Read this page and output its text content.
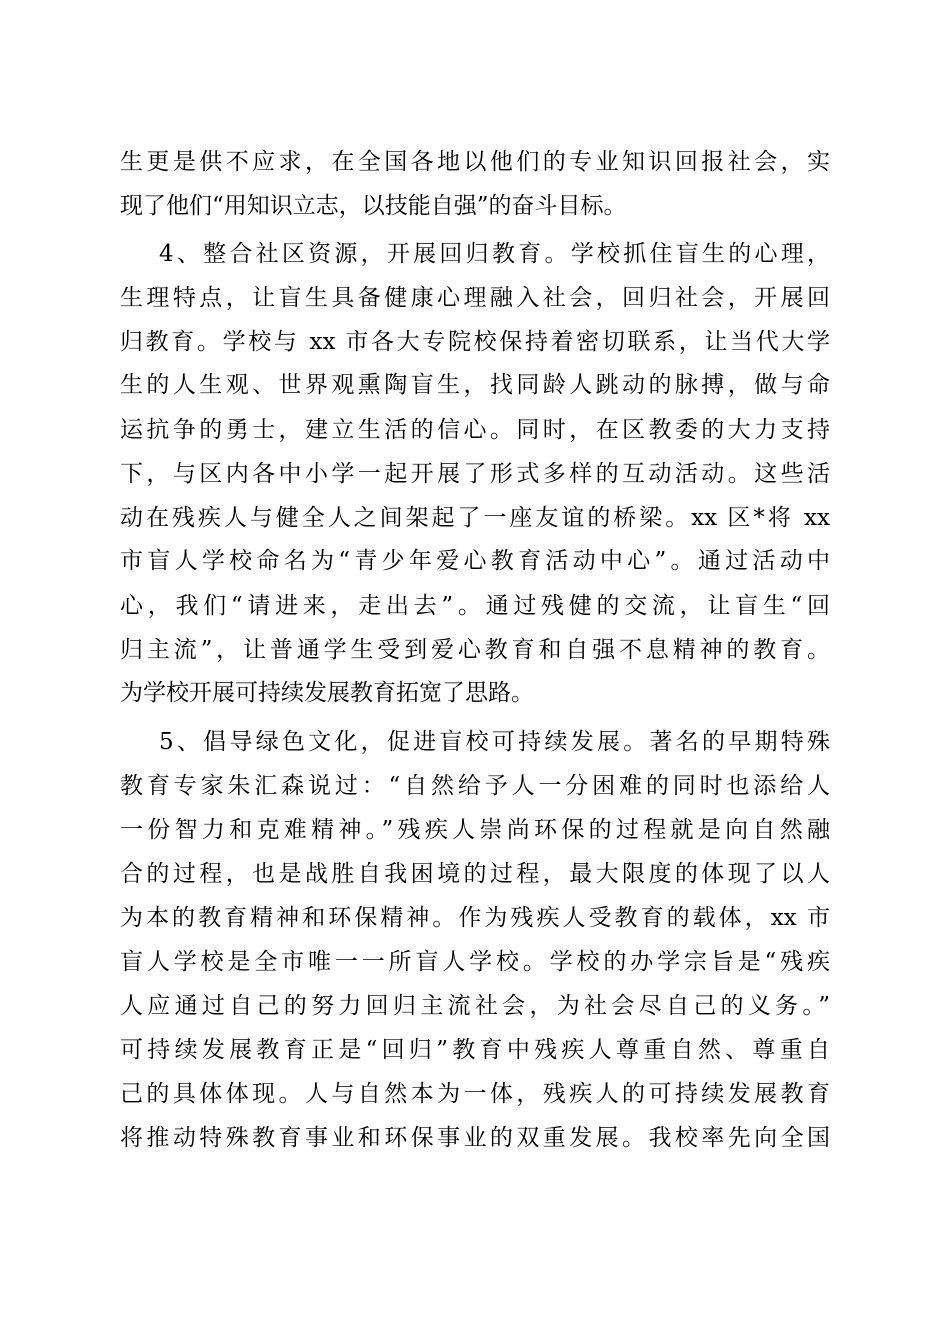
生更是供不应求，在全国各地以他们的专业知识回报社会，实
现了他们“用知识立志，以技能自强”的奋斗目标。
4、整合社区资源，开展回归教育。学校抓住盲生的心理，
生理特点，让盲生具备健康心理融入社会，回归社会，开展回
归教育。学校与 xx 市各大专院校保持着密切联系，让当代大学
生的人生观、世界观熏陶盲生，找同龄人跳动的脉搏，做与命
运抗争的勇士，建立生活的信心。同时，在区教委的大力支持
下，与区内各中小学一起开展了形式多样的互动活动。这些活
动在残疾人与健全人之间架起了一座友谊的桥梁。xx 区*将 xx
市盲人学校命名为“青少年爱心教育活动中心”。通过活动中
心，我们“请进来，走出去”。通过残健的交流，让盲生“回
归主流”，让普通学生受到爱心教育和自强不息精神的教育。
为学校开展可持续发展教育拓宽了思路。
5、倡导绿色文化，促进盲校可持续发展。著名的早期特殊
教育专家朱汇森说过：“自然给予人一分困难的同时也添给人
一份智力和克难精神。”残疾人崇尚环保的过程就是向自然融
合的过程，也是战胜自我困境的过程，最大限度的体现了以人
为本的教育精神和环保精神。作为残疾人受教育的载体，xx 市
盲人学校是全市唯一一所盲人学校。学校的办学宗旨是“残疾
人应通过自己的努力回归主流社会，为社会尽自己的义务。”
可持续发展教育正是“回归”教育中残疾人尊重自然、尊重自
己的具体体现。人与自然本为一体，残疾人的可持续发展教育
将推动特殊教育事业和环保事业的双重发展。我校率先向全国
